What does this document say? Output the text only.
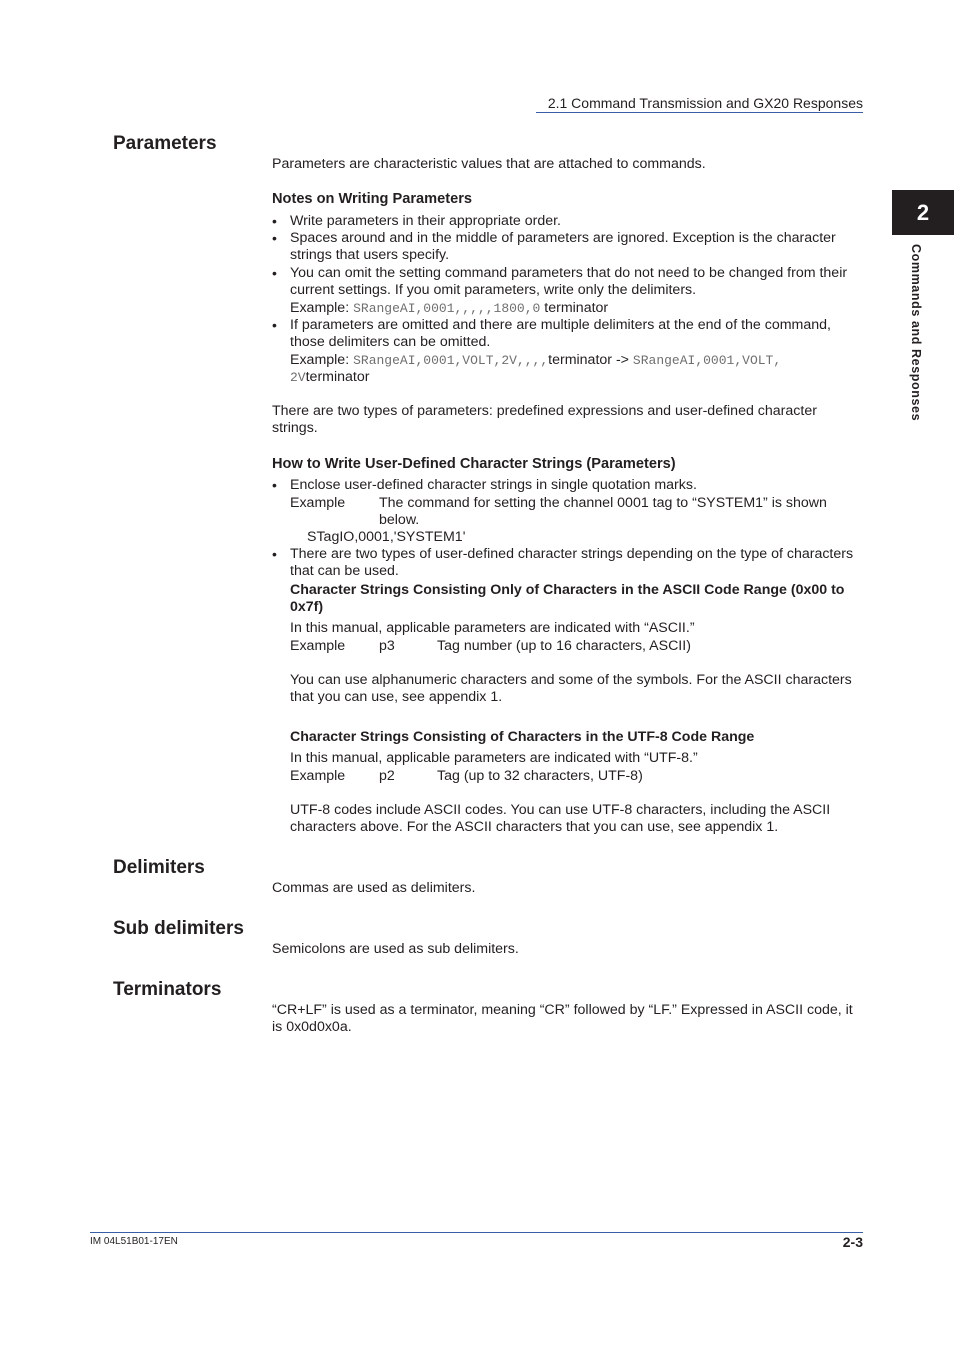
2.1 Command Transmission and GX20 Responses
2
Commands and Responses
Parameters
Parameters are characteristic values that are attached to commands.
Notes on Writing Parameters
• Write parameters in their appropriate order.
• Spaces around and in the middle of parameters are ignored. Exception is the character
strings that users specify.
• You can omit the setting command parameters that do not need to be changed from their
current settings. If you omit parameters, write only the delimiters.
Example: SRangeAI,0001,,,,,1800,0 terminator
• If parameters are omitted and there are multiple delimiters at the end of the command,
those delimiters can be omitted.
Example: SRangeAI,0001,VOLT,2V,,,,terminator -> SRangeAI,0001,VOLT,
2Vterminator
There are two types of parameters: predefined expressions and user-defined character
strings.
How to Write User-Defined Character Strings (Parameters)
• Enclose user-defined character strings in single quotation marks.
Example The command for setting the channel 0001 tag to “SYSTEM1” is shown
below.
STagIO,0001,'SYSTEM1'
• There are two types of user-defined character strings depending on the type of characters
that can be used.
Character Strings Consisting Only of Characters in the ASCII Code Range (0x00 to
0x7f)
In this manual, applicable parameters are indicated with “ASCII.”
Example p3	Tag number (up to 16 characters, ASCII)
You can use alphanumeric characters and some of the symbols. For the ASCII characters
that you can use, see appendix 1.
Character Strings Consisting of Characters in the UTF-8 Code Range
In this manual, applicable parameters are indicated with “UTF-8.”
Example p2	Tag (up to 32 characters, UTF-8)
UTF-8 codes include ASCII codes. You can use UTF-8 characters, including the ASCII
characters above. For the ASCII characters that you can use, see appendix 1.
Delimiters
Commas are used as delimiters.
Sub delimiters
Semicolons are used as sub delimiters.
Terminators
“CR+LF” is used as a terminator, meaning “CR” followed by “LF.” Expressed in ASCII code, it
is 0x0d0x0a.
IM 04L51B01-17EN	2-3
